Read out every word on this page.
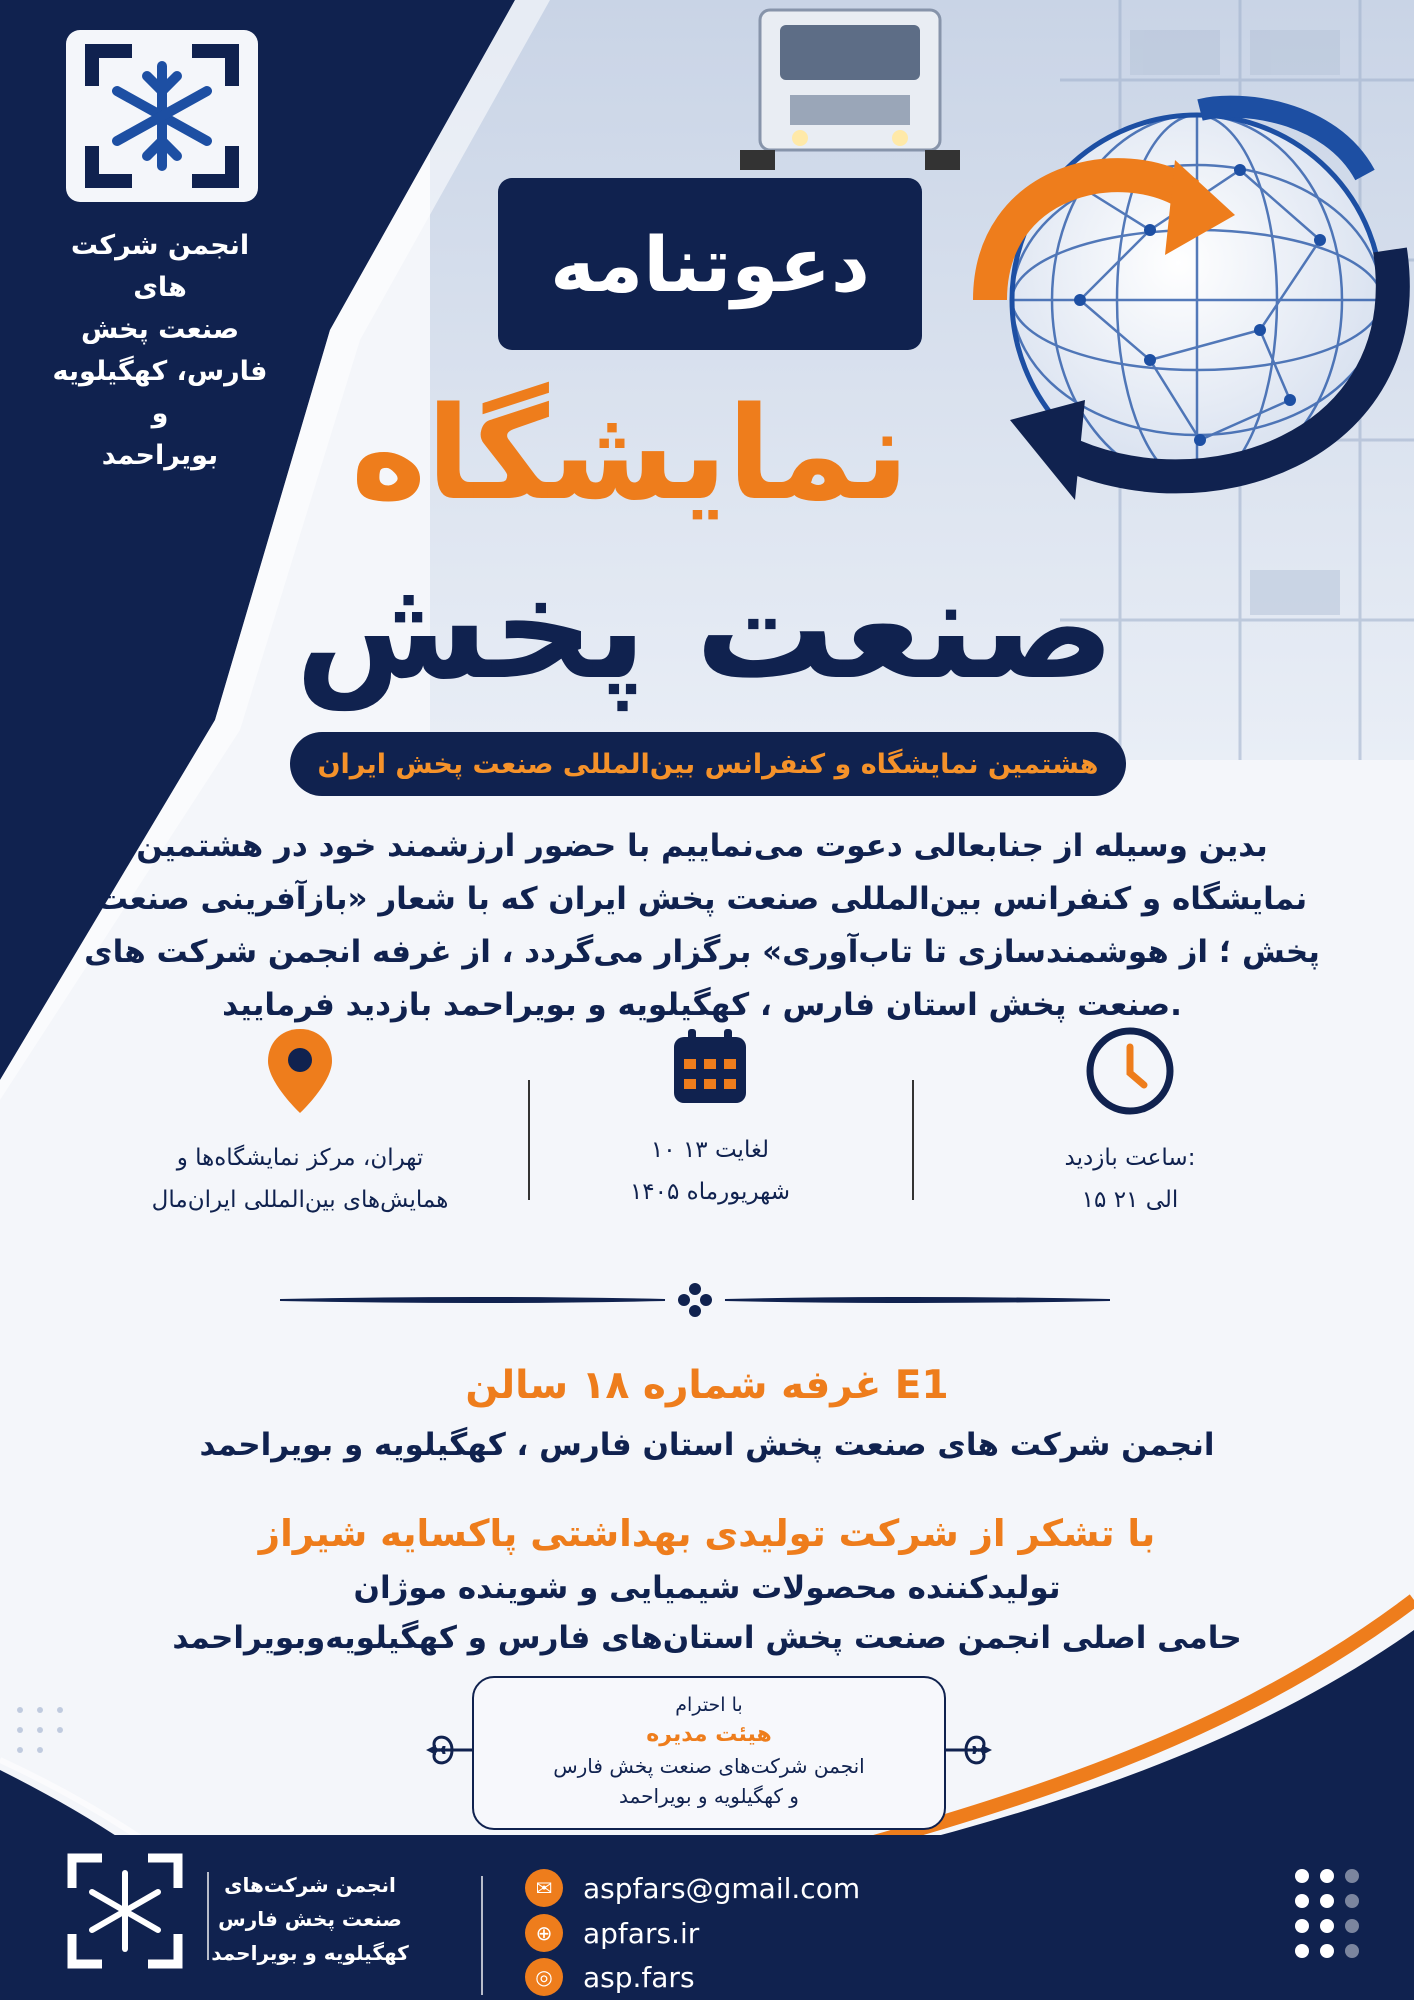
انجمن شرکت های
صنعت پخش
فارس، کهگیلویه و
بویراحمد
دعوتنامه
نمایشگاه
صنعت پخش
هشتمین نمایشگاه و کنفرانس بین‌المللی صنعت پخش ایران
بدین وسیله از جنابعالی دعوت می‌نماییم با حضور ارزشمند خود در هشتمین
نمایشگاه و کنفرانس بین‌المللی صنعت پخش ایران که با شعار «بازآفرینی صنعت
پخش ؛ از هوشمندسازی تا تاب‌آوری» برگزار می‌گردد ، از غرفه انجمن شرکت های
صنعت پخش استان فارس ، کهگیلویه و بویراحمد بازدید فرمایید.
ساعت بازدید:
۱۵ الی ۲۱
۱۰ لغایت ۱۳
شهریورماه ۱۴۰۵
تهران، مرکز نمایشگاه‌ها و
همایش‌های بین‌المللی ایران‌مال
غرفه شماره ۱۸ سالن E1
انجمن شرکت های صنعت پخش استان فارس ، کهگیلویه و بویراحمد
با تشکر از شرکت تولیدی بهداشتی پاکسایه شیراز
تولیدکننده محصولات شیمیایی و شوینده موژان
حامی اصلی انجمن صنعت پخش استان‌های فارس و کهگیلویه‌وبویراحمد
با احترام
هیئت مدیره
انجمن شرکت‌های صنعت پخش فارس
و کهگیلویه و بویراحمد
انجمن شرکت‌های
صنعت پخش فارس
کهگیلویه و بویراحمد
✉	aspfars@gmail.com
⊕	apfars.ir
◎	asp.fars
